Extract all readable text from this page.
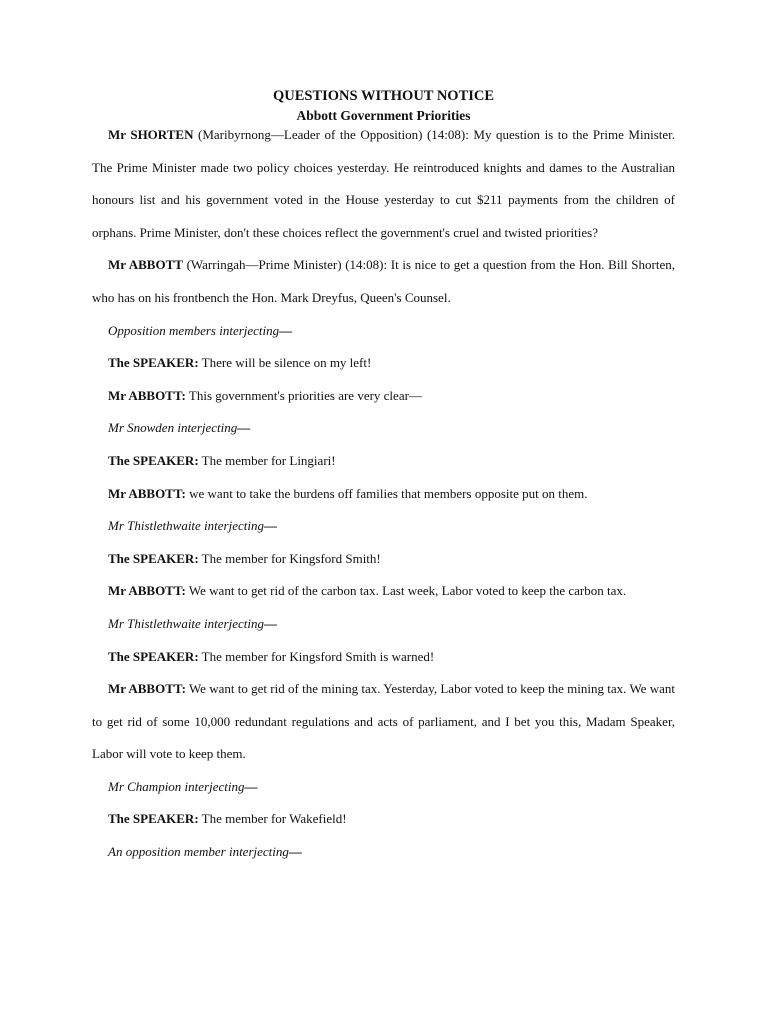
QUESTIONS WITHOUT NOTICE

Abbott Government Priorities

Mr SHORTEN (Maribyrnong—Leader of the Opposition) (14:08): My question is to the Prime Minister. The Prime Minister made two policy choices yesterday. He reintroduced knights and dames to the Australian honours list and his government voted in the House yesterday to cut $211 payments from the children of orphans. Prime Minister, don't these choices reflect the government's cruel and twisted priorities?

Mr ABBOTT (Warringah—Prime Minister) (14:08): It is nice to get a question from the Hon. Bill Shorten, who has on his frontbench the Hon. Mark Dreyfus, Queen's Counsel.

Opposition members interjecting—

The SPEAKER: There will be silence on my left!

Mr ABBOTT: This government's priorities are very clear—

Mr Snowden interjecting—

The SPEAKER: The member for Lingiari!

Mr ABBOTT: we want to take the burdens off families that members opposite put on them.

Mr Thistlethwaite interjecting—

The SPEAKER: The member for Kingsford Smith!

Mr ABBOTT: We want to get rid of the carbon tax. Last week, Labor voted to keep the carbon tax.

Mr Thistlethwaite interjecting—

The SPEAKER: The member for Kingsford Smith is warned!

Mr ABBOTT: We want to get rid of the mining tax. Yesterday, Labor voted to keep the mining tax. We want to get rid of some 10,000 redundant regulations and acts of parliament, and I bet you this, Madam Speaker, Labor will vote to keep them.

Mr Champion interjecting—

The SPEAKER: The member for Wakefield!

An opposition member interjecting—
